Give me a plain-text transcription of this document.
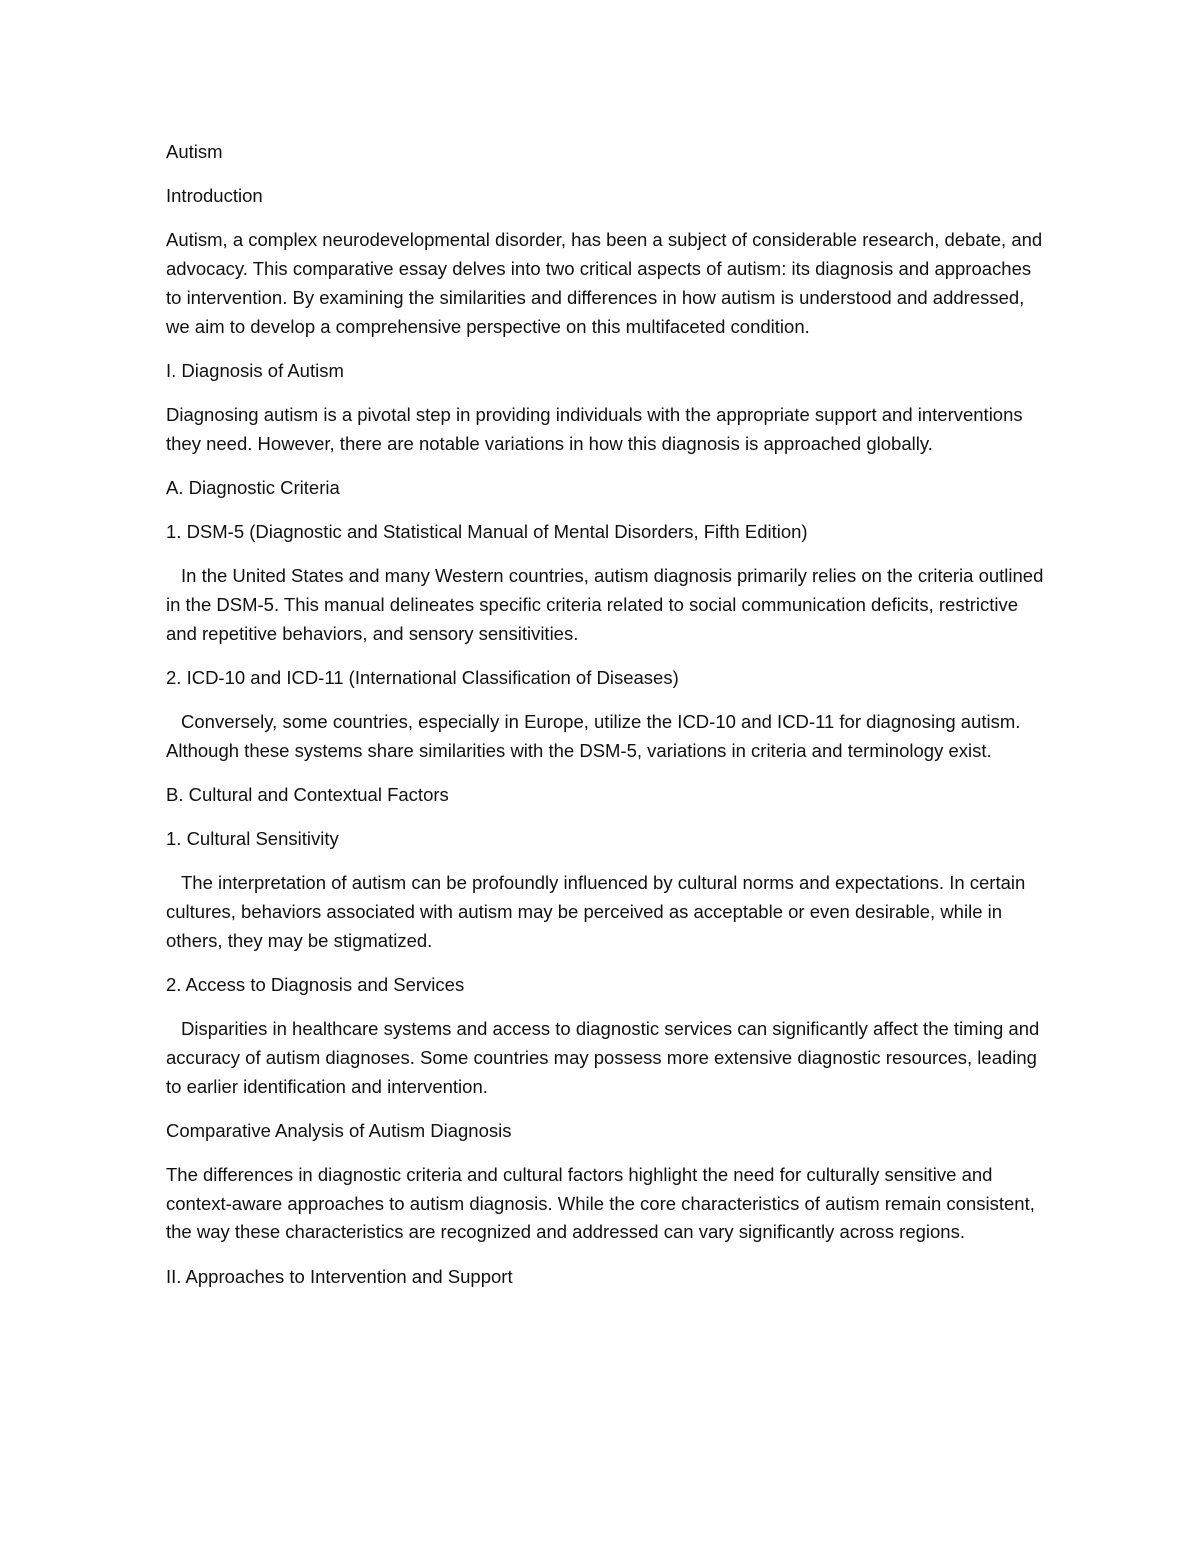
Autism

Introduction

Autism, a complex neurodevelopmental disorder, has been a subject of considerable research, debate, and advocacy. This comparative essay delves into two critical aspects of autism: its diagnosis and approaches to intervention. By examining the similarities and differences in how autism is understood and addressed, we aim to develop a comprehensive perspective on this multifaceted condition.

I. Diagnosis of Autism

Diagnosing autism is a pivotal step in providing individuals with the appropriate support and interventions they need. However, there are notable variations in how this diagnosis is approached globally.

A. Diagnostic Criteria

1. DSM-5 (Diagnostic and Statistical Manual of Mental Disorders, Fifth Edition)

In the United States and many Western countries, autism diagnosis primarily relies on the criteria outlined in the DSM-5. This manual delineates specific criteria related to social communication deficits, restrictive and repetitive behaviors, and sensory sensitivities.

2. ICD-10 and ICD-11 (International Classification of Diseases)

Conversely, some countries, especially in Europe, utilize the ICD-10 and ICD-11 for diagnosing autism. Although these systems share similarities with the DSM-5, variations in criteria and terminology exist.

B. Cultural and Contextual Factors

1. Cultural Sensitivity

The interpretation of autism can be profoundly influenced by cultural norms and expectations. In certain cultures, behaviors associated with autism may be perceived as acceptable or even desirable, while in others, they may be stigmatized.

2. Access to Diagnosis and Services

Disparities in healthcare systems and access to diagnostic services can significantly affect the timing and accuracy of autism diagnoses. Some countries may possess more extensive diagnostic resources, leading to earlier identification and intervention.

Comparative Analysis of Autism Diagnosis

The differences in diagnostic criteria and cultural factors highlight the need for culturally sensitive and context-aware approaches to autism diagnosis. While the core characteristics of autism remain consistent, the way these characteristics are recognized and addressed can vary significantly across regions.

II. Approaches to Intervention and Support
